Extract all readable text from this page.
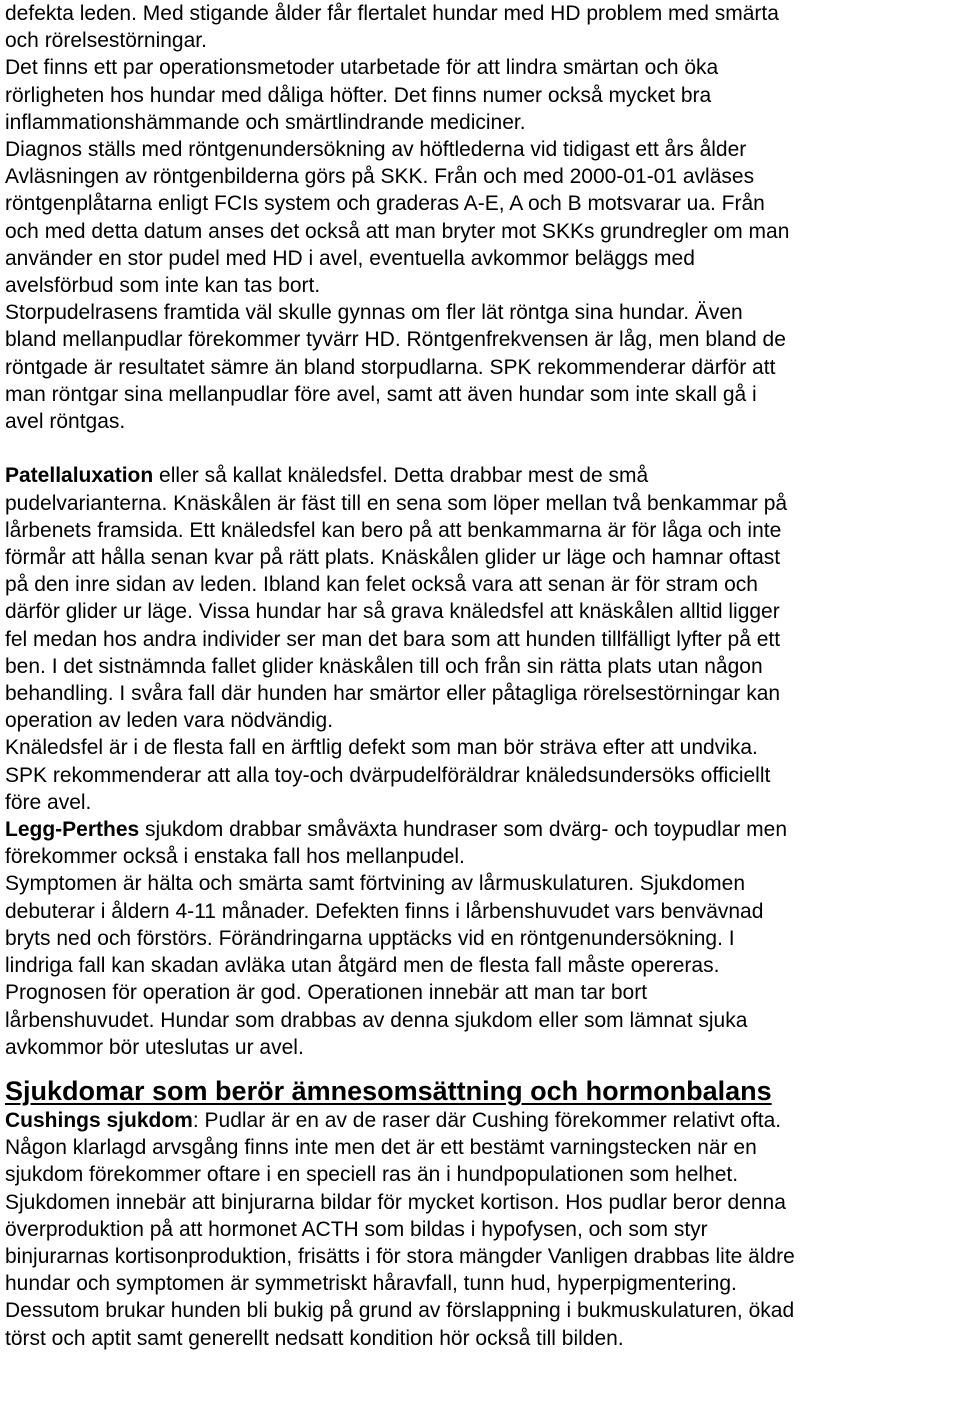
defekta leden. Med stigande ålder får flertalet hundar med HD problem med smärta
och rörelsestörningar.
Det finns ett par operationsmetoder utarbetade för att lindra smärtan och öka
rörligheten hos hundar med dåliga höfter. Det finns numer också mycket bra
inflammationshämmande och smärtlindrande mediciner.
Diagnos ställs med röntgenundersökning av höftlederna vid tidigast ett års ålder
Avläsningen av röntgenbilderna görs på SKK. Från och med 2000-01-01 avläses
röntgenplåtarna enligt FCIs system och graderas A-E, A och B motsvarar ua. Från
och med detta datum anses det också att man bryter mot SKKs grundregler om man
använder en stor pudel med HD i avel, eventuella avkommor beläggs med
avelsförbud som inte kan tas bort.
Storpudelrasens framtida väl skulle gynnas om fler lät röntga sina hundar. Även
bland mellanpudlar förekommer tyvärr HD. Röntgenfrekvensen är låg, men bland de
röntgade är resultatet sämre än bland storpudlarna. SPK rekommenderar därför att
man röntgar sina mellanpudlar före avel, samt att även hundar som inte skall gå i
avel röntgas.
Patellaluxation eller så kallat knäledsfel. Detta drabbar mest de små
pudelvarianterna. Knäskålen är fäst till en sena som löper mellan två benkammar på
lårbenets framsida. Ett knäledsfel kan bero på att benkammarna är för låga och inte
förmår att hålla senan kvar på rätt plats. Knäskålen glider ur läge och hamnar oftast
på den inre sidan av leden. Ibland kan felet också vara att senan är för stram och
därför glider ur läge. Vissa hundar har så grava knäledsfel att knäskålen alltid ligger
fel medan hos andra individer ser man det bara som att hunden tillfälligt lyfter på ett
ben. I det sistnämnda fallet glider knäskålen till och från sin rätta plats utan någon
behandling. I svåra fall där hunden har smärtor eller påtagliga rörelsestörningar kan
operation av leden vara nödvändig.
Knäledsfel är i de flesta fall en ärftlig defekt som man bör sträva efter att undvika.
SPK rekommenderar att alla toy-och dvärpudelföräldrar knäledsundersöks officiellt
före avel.
Legg-Perthes sjukdom drabbar småväxta hundraser som dvärg- och toypudlar men
förekommer också i enstaka fall hos mellanpudel.
Symptomen är hälta och smärta samt förtvining av lårmuskulaturen. Sjukdomen
debuterar i åldern 4-11 månader. Defekten finns i lårbenshuvudet vars benvävnad
bryts ned och förstörs. Förändringarna upptäcks vid en röntgenundersökning. I
lindriga fall kan skadan avläka utan åtgärd men de flesta fall måste opereras.
Prognosen för operation är god. Operationen innebär att man tar bort
lårbenshuvudet. Hundar som drabbas av denna sjukdom eller som lämnat sjuka
avkommor bör uteslutas ur avel.
Sjukdomar som berör ämnesomsättning och hormonbalans
Cushings sjukdom: Pudlar är en av de raser där Cushing förekommer relativt ofta.
Någon klarlagd arvsgång finns inte men det är ett bestämt varningstecken när en
sjukdom förekommer oftare i en speciell ras än i hundpopulationen som helhet.
Sjukdomen innebär att binjurarna bildar för mycket kortison. Hos pudlar beror denna
överproduktion på att hormonet ACTH som bildas i hypofysen, och som styr
binjurarnas kortisonproduktion, frisätts i för stora mängder Vanligen drabbas lite äldre
hundar och symptomen är symmetriskt håravfall, tunn hud, hyperpigmentering.
Dessutom brukar hunden bli bukig på grund av förslappning i bukmuskulaturen, ökad
törst och aptit samt generellt nedsatt kondition hör också till bilden.
